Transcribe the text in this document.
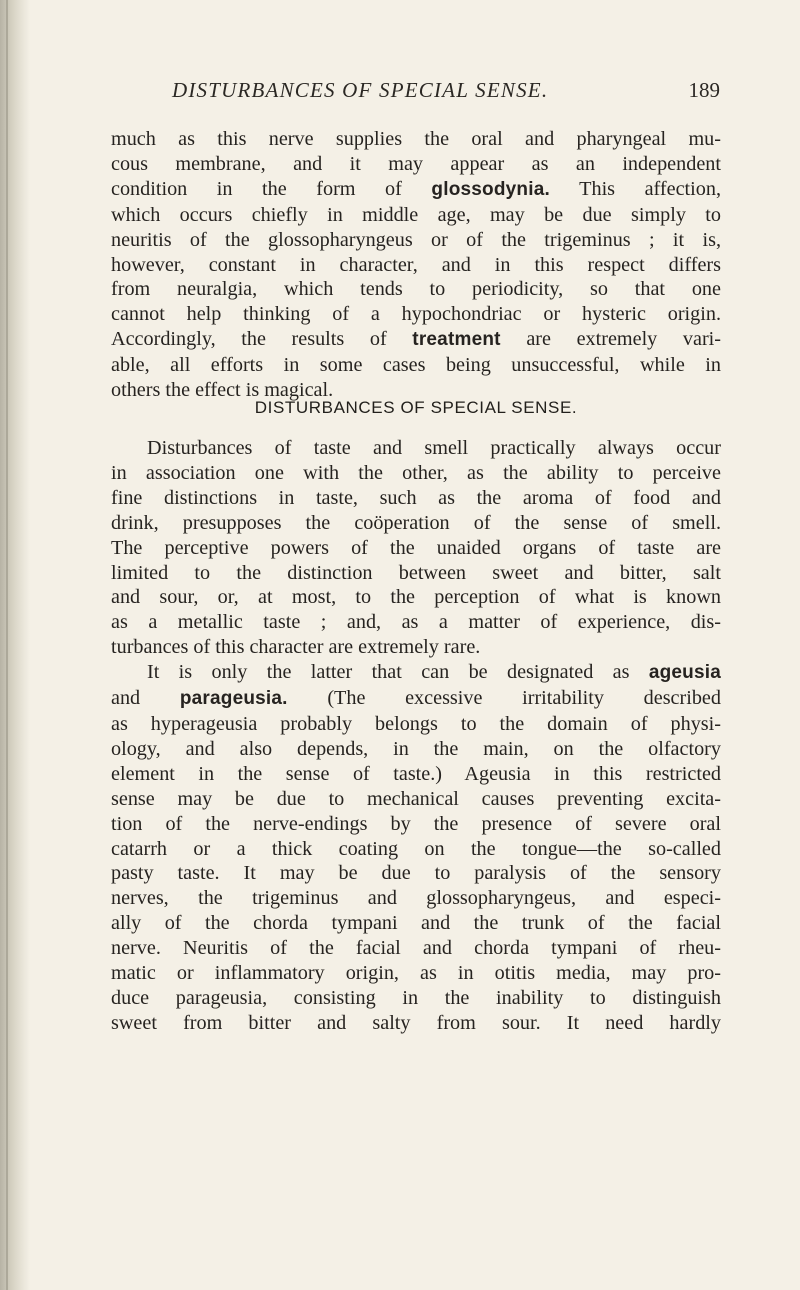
DISTURBANCES OF SPECIAL SENSE.	189

much as this nerve supplies the oral and pharyngeal mu-

cous membrane, and it may appear as an independent

condition in the form of glossodynia. This affection,

which occurs chiefly in middle age, may be due simply to

neuritis of the glossopharyngeus or of the trigeminus ; it is,

however, constant in character, and in this respect differs

from neuralgia, which tends to periodicity, so that one

cannot help thinking of a hypochondriac or hysteric origin.

Accordingly, the results of treatment are extremely vari-

able, all efforts in some cases being unsuccessful, while in

others the effect is magical.

DISTURBANCES OF SPECIAL SENSE.

Disturbances of taste and smell practically always occur

in association one with the other, as the ability to perceive

fine distinctions in taste, such as the aroma of food and

drink, presupposes the coöperation of the sense of smell.

The perceptive powers of the unaided organs of taste are

limited to the distinction between sweet and bitter, salt

and sour, or, at most, to the perception of what is known

as a metallic taste ; and, as a matter of experience, dis-

turbances of this character are extremely rare.

It is only the latter that can be designated as ageusia

and parageusia. (The excessive irritability described

as hyperageusia probably belongs to the domain of physi-

ology, and also depends, in the main, on the olfactory

element in the sense of taste.) Ageusia in this restricted

sense may be due to mechanical causes preventing excita-

tion of the nerve-endings by the presence of severe oral

catarrh or a thick coating on the tongue—the so-called

pasty taste. It may be due to paralysis of the sensory

nerves, the trigeminus and glossopharyngeus, and especi-

ally of the chorda tympani and the trunk of the facial

nerve. Neuritis of the facial and chorda tympani of rheu-

matic or inflammatory origin, as in otitis media, may pro-

duce parageusia, consisting in the inability to distinguish

sweet from bitter and salty from sour. It need hardly
